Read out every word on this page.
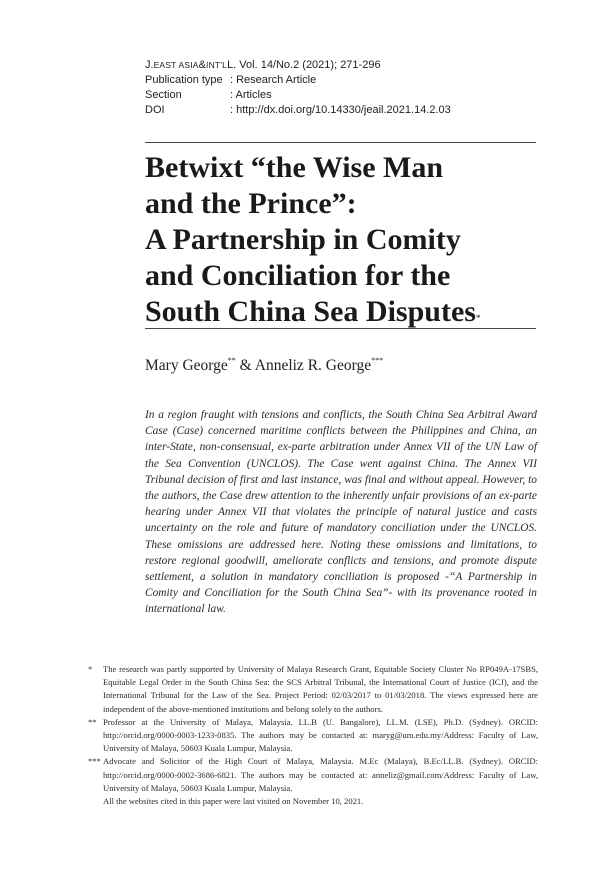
J. EAST ASIA & INT'L L. Vol. 14/No.2 (2021); 271-296
Publication type : Research Article
Section	: Articles
DOI	: http://dx.doi.org/10.14330/jeail.2021.14.2.03
Betwixt “the Wise Man
and the Prince”:
A Partnership in Comity
and Conciliation for the
South China Sea Disputes*
Mary George** & Anneliz R. George***
In a region fraught with tensions and conflicts, the South China Sea Arbitral Award Case (Case) concerned maritime conflicts between the Philippines and China, an inter-State, non-consensual, ex-parte arbitration under Annex VII of the UN Law of the Sea Convention (UNCLOS). The Case went against China. The Annex VII Tribunal decision of first and last instance, was final and without appeal. However, to the authors, the Case drew attention to the inherently unfair provisions of an ex-parte hearing under Annex VII that violates the principle of natural justice and casts uncertainty on the role and future of mandatory conciliation under the UNCLOS. These omissions are addressed here. Noting these omissions and limitations, to restore regional goodwill, ameliorate conflicts and tensions, and promote dispute settlement, a solution in mandatory conciliation is proposed -“A Partnership in Comity and Conciliation for the South China Sea”- with its provenance rooted in international law.
*	The research was partly supported by University of Malaya Research Grant, Equitable Society Cluster No RP049A-17SBS, Equitable Legal Order in the South China Sea: the SCS Arbitral Tribunal, the International Court of Justice (ICJ), and the International Tribunal for the Law of the Sea. Project Period: 02/03/2017 to 01/03/2018. The views expressed here are independent of the above-mentioned institutions and belong solely to the authors.
** Professor at the University of Malaya, Malaysia. LL.B (U. Bangalore), LL.M. (LSE), Ph.D. (Sydney). ORCID: http://orcid.org/0000-0003-1233-0835. The authors may be contacted at: maryg@um.edu.my/Address: Faculty of Law, University of Malaya, 50603 Kuala Lumpur, Malaysia.
*** Advocate and Solicitor of the High Court of Malaya, Malaysia. M.Ec (Malaya), B.Ec/LL.B. (Sydney). ORCID: http://orcid.org/0000-0002-3686-6821. The authors may be contacted at: anneliz@gmail.com/Address: Faculty of Law, University of Malaya, 50603 Kuala Lumpur, Malaysia.
All the websites cited in this paper were last visited on November 10, 2021.
